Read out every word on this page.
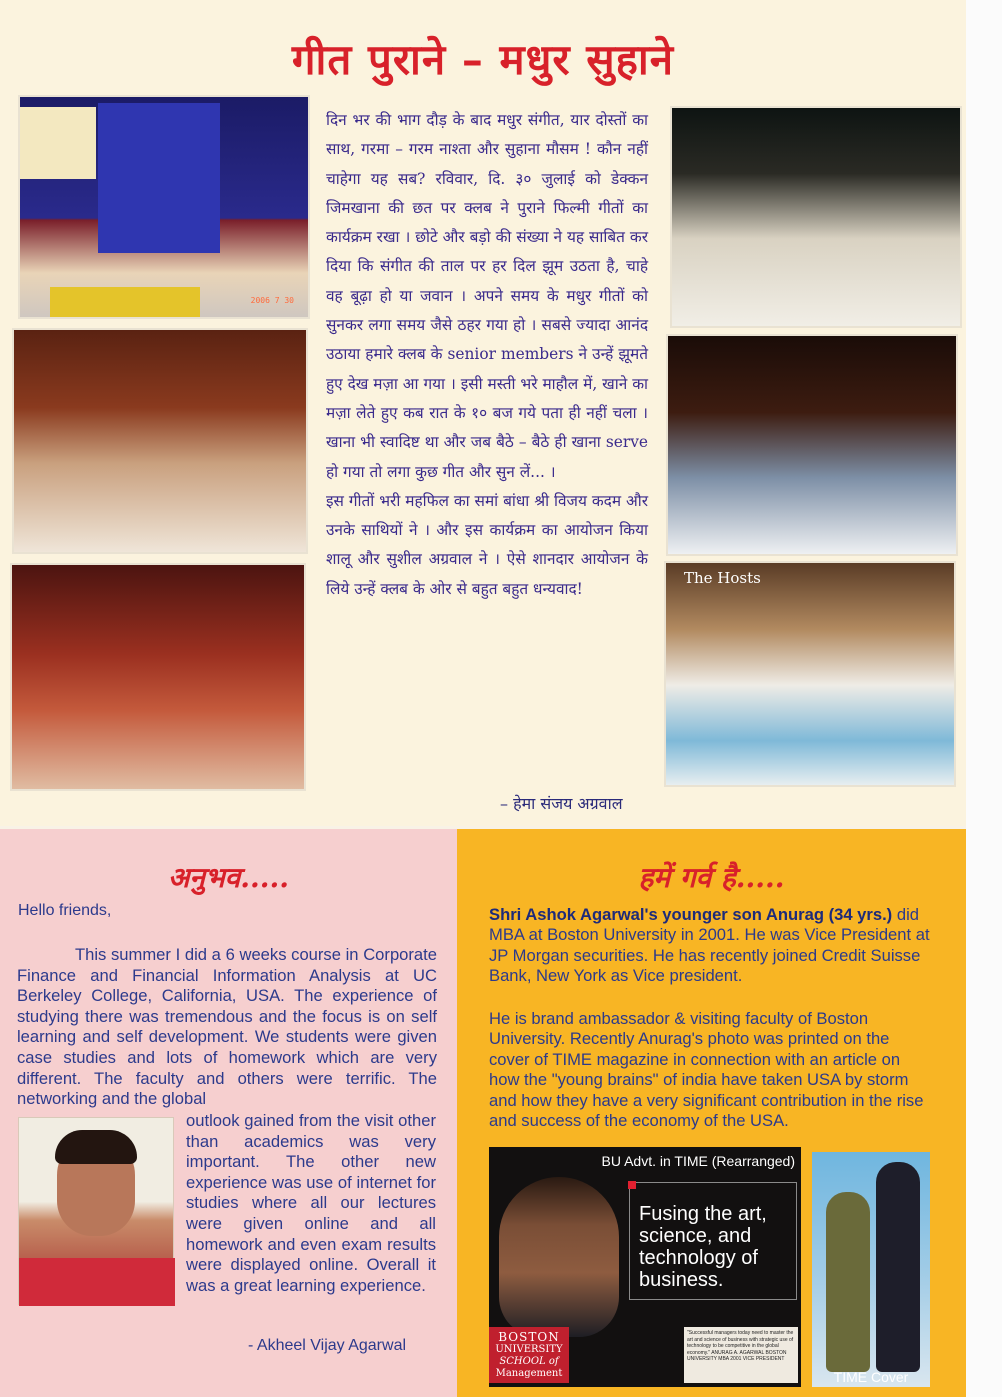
गीत पुराने – मधुर सुहाने
2006 7 30
The Hosts

दिन भर की भाग दौड़ के बाद मधुर संगीत, यार दोस्तों का साथ, गरमा – गरम नाश्ता और सुहाना मौसम ! कौन नहीं चाहेगा यह सब? रविवार, दि. ३० जुलाई को डेक्कन जिमखाना की छत पर क्लब ने पुराने फिल्मी गीतों का कार्यक्रम रखा । छोटे और बड़ो की संख्या ने यह साबित कर दिया कि संगीत की ताल पर हर दिल झूम उठता है, चाहे वह बूढ़ा हो या जवान । अपने समय के मधुर गीतों को सुनकर लगा समय जैसे ठहर गया हो । सबसे ज्यादा आनंद उठाया हमारे क्लब के senior members ने उन्हें झूमते हुए देख मज़ा आ गया । इसी मस्ती भरे माहौल में, खाने का मज़ा लेते हुए कब रात के १० बज गये पता ही नहीं चला । खाना भी स्वादिष्ट था और जब बैठे – बैठे ही खाना serve हो गया तो लगा कुछ गीत और सुन लें... ।

इस गीतों भरी महफिल का समां बांधा श्री विजय कदम और उनके साथियों ने । और इस कार्यक्रम का आयोजन किया शालू और सुशील अग्रवाल ने । ऐसे शानदार आयोजन के लिये उन्हें क्लब के ओर से बहुत बहुत धन्यवाद!

– हेमा संजय अग्रवाल
अनुभव.....
Hello friends,
This summer I did a 6 weeks course in Corporate Finance and Financial Information Analysis at UC Berkeley College, California, USA. The experience of studying there was tremendous and the focus is on self learning and self development. We students were given case studies and lots of homework which are very different. The faculty and others were terrific. The networking and the global
outlook gained from the visit other than academics was very important. The other new experience was use of internet for studies where all our lectures were given online and all homework and even exam results were displayed online. Overall it was a great learning experience.
- Akheel Vijay Agarwal
हमें गर्व है.....
Shri Ashok Agarwal's younger son Anurag (34 yrs.) did MBA at Boston University in 2001. He was Vice President at JP Morgan securities. He has recently joined Credit Suisse Bank, New York as Vice president.
He is brand ambassador & visiting faculty of Boston University. Recently Anurag's photo was printed on the cover of TIME magazine in connection with an article on how the "young brains" of india have taken USA by storm and how they have a very significant contribution in the rise and success of the economy of the USA.
BU Advt. in TIME (Rearranged)
Fusing the art, science, and technology of business.
BOSTON
UNIVERSITY
SCHOOL of
Management
"Successful managers today need to master the art and science of business with strategic use of technology to be competitive in the global economy." ANURAG A. AGARWAL BOSTON UNIVERSITY MBA 2001 VICE PRESIDENT
TIME Cover
